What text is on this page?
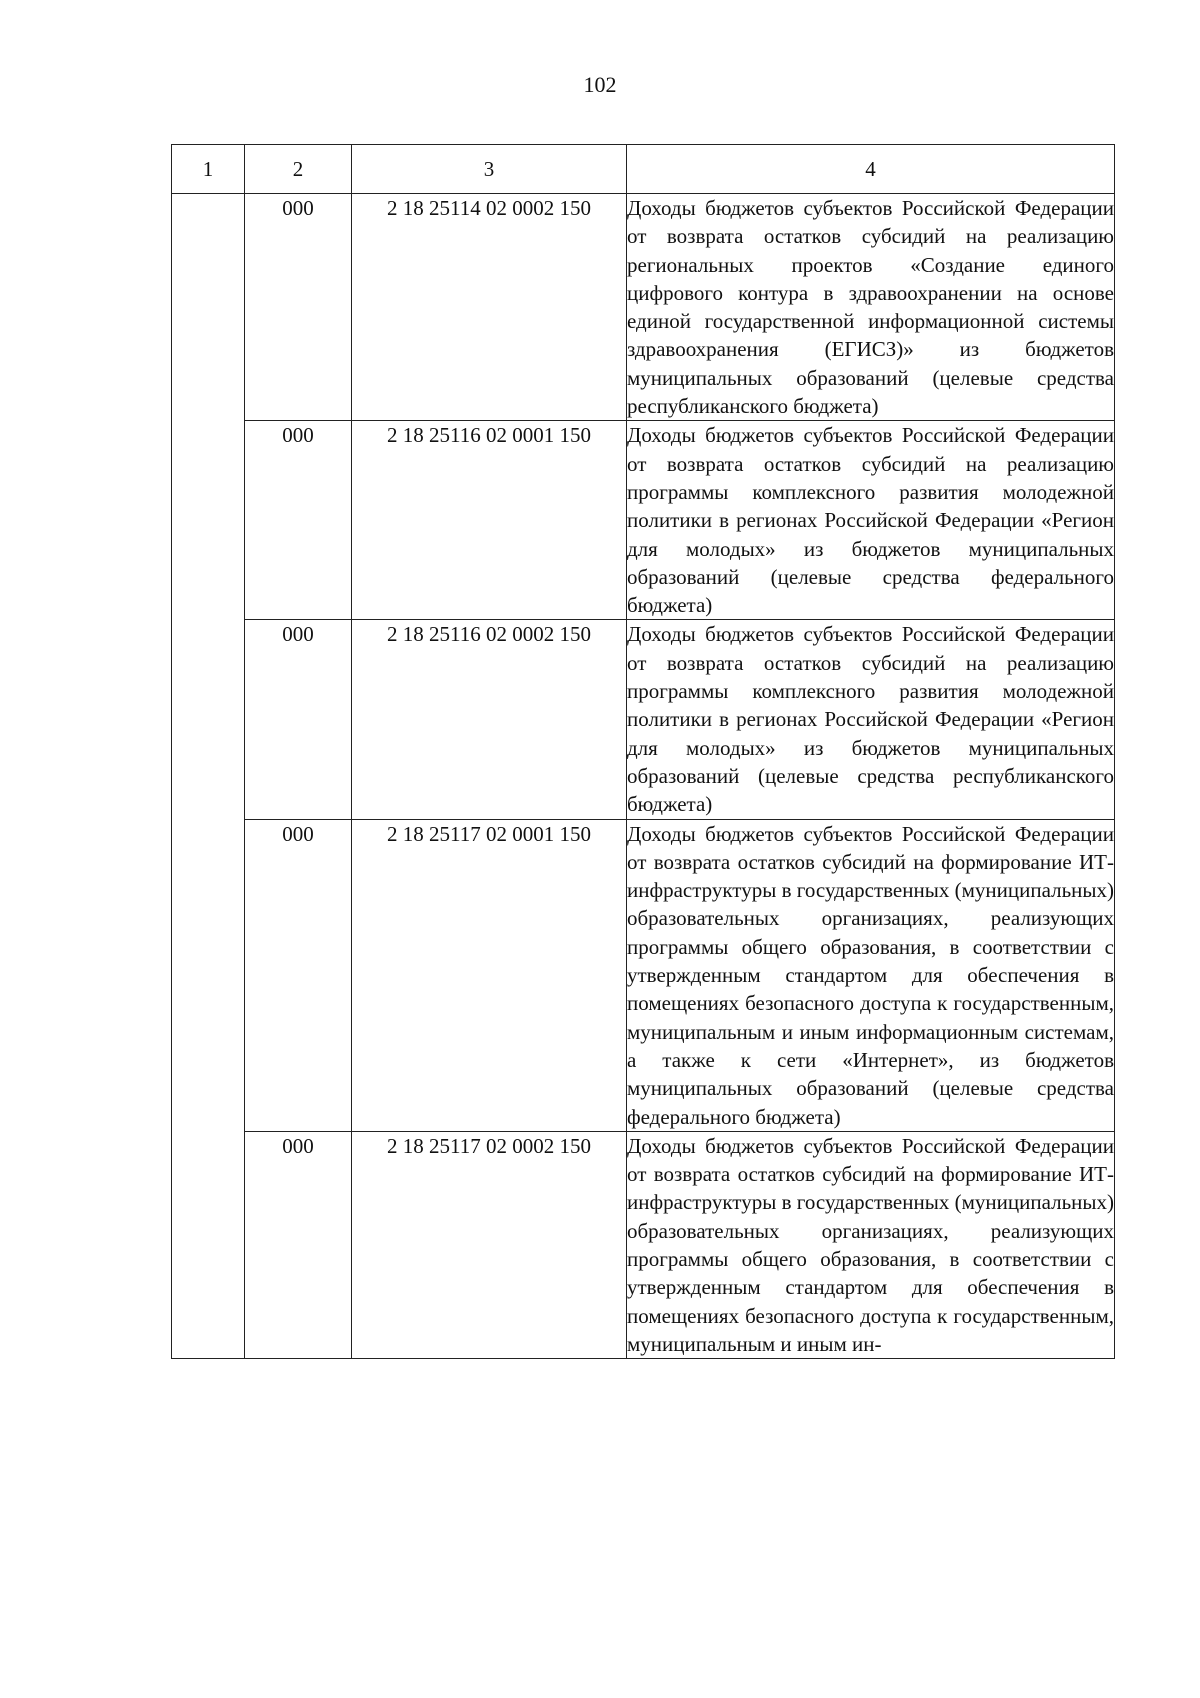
102
1	2	3	4
	000	2 18 25114 02 0002 150	Доходы бюджетов субъектов Российской Федерации от возврата остатков субсидий на реализацию региональных проектов «Создание единого цифрового контура в здравоохранении на основе единой государственной информационной системы здравоохранения (ЕГИСЗ)» из бюджетов муниципальных образований (целевые средства республиканского бюджета)
	000	2 18 25116 02 0001 150	Доходы бюджетов субъектов Российской Федерации от возврата остатков субсидий на реализацию программы комплексного развития молодежной политики в регионах Российской Федерации «Регион для молодых» из бюджетов муниципальных образований (целевые средства федерального бюджета)
	000	2 18 25116 02 0002 150	Доходы бюджетов субъектов Российской Федерации от возврата остатков субсидий на реализацию программы комплексного развития молодежной политики в регионах Российской Федерации «Регион для молодых» из бюджетов муниципальных образований (целевые средства республиканского бюджета)
	000	2 18 25117 02 0001 150	Доходы бюджетов субъектов Российской Федерации от возврата остатков субсидий на формирование ИТ-инфраструктуры в государственных (муниципальных) образовательных организациях, реализующих программы общего образования, в соответствии с утвержденным стандартом для обеспечения в помещениях безопасного доступа к государственным, муниципальным и иным информационным системам, а также к сети «Интернет», из бюджетов муниципальных образований (целевые средства федерального бюджета)
	000	2 18 25117 02 0002 150	Доходы бюджетов субъектов Российской Федерации от возврата остатков субсидий на формирование ИТ-инфраструктуры в государственных (муниципальных) образовательных организациях, реализующих программы общего образования, в соответствии с утвержденным стандартом для обеспечения в помещениях безопасного доступа к государственным, муниципальным и иным ин-
